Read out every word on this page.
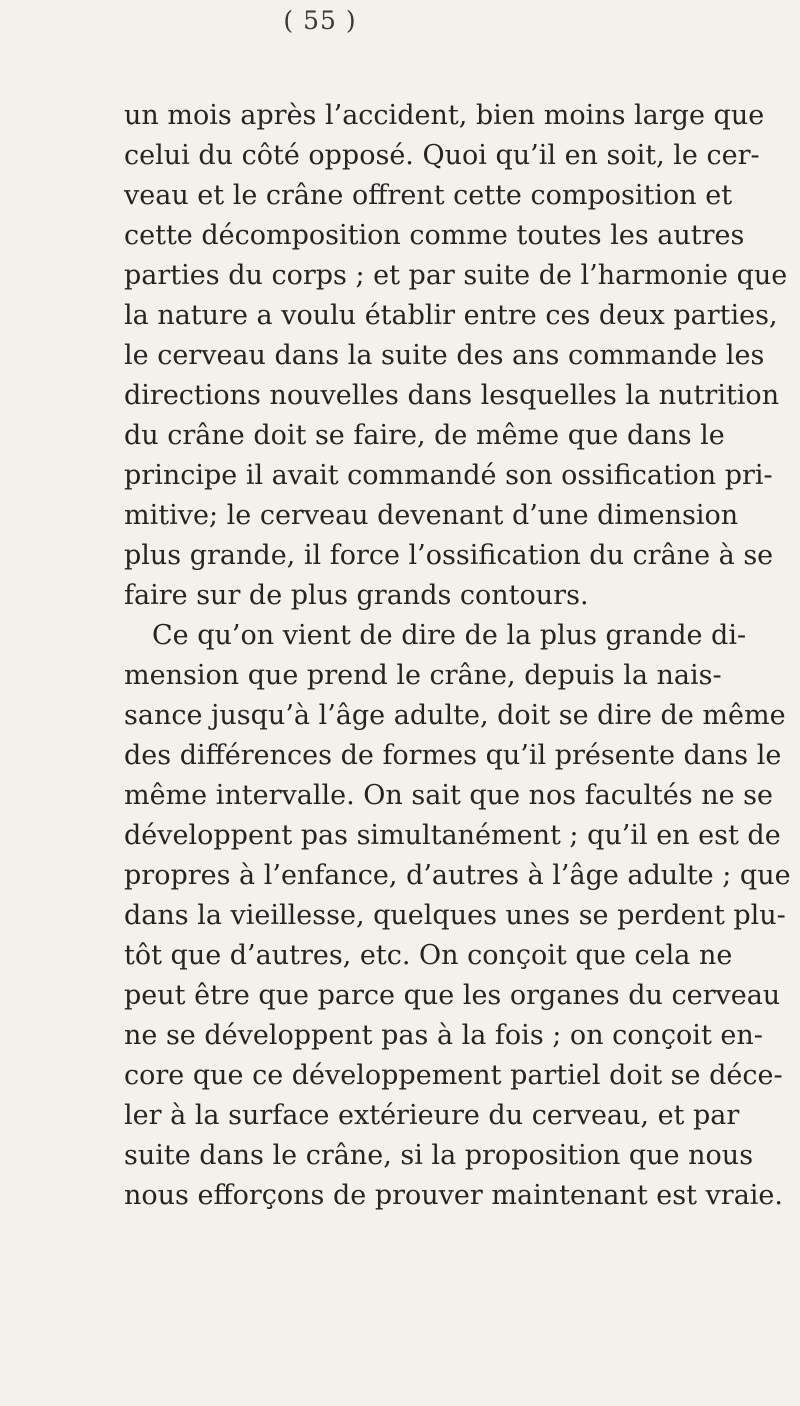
( 55 )
un mois après l’accident, bien moins large que
celui du côté opposé. Quoi qu’il en soit, le cer-
veau et le crâne offrent cette composition et
cette décomposition comme toutes les autres
parties du corps ; et par suite de l’harmonie que
la nature a voulu établir entre ces deux parties,
le cerveau dans la suite des ans commande les
directions nouvelles dans lesquelles la nutrition
du crâne doit se faire, de même que dans le
principe il avait commandé son ossification pri-
mitive; le cerveau devenant d’une dimension
plus grande, il force l’ossification du crâne à se
faire sur de plus grands contours.
Ce qu’on vient de dire de la plus grande di-
mension que prend le crâne, depuis la nais-
sance jusqu’à l’âge adulte, doit se dire de même
des différences de formes qu’il présente dans le
même intervalle. On sait que nos facultés ne se
développent pas simultanément ; qu’il en est de
propres à l’enfance, d’autres à l’âge adulte ; que
dans la vieillesse, quelques unes se perdent plu-
tôt que d’autres, etc. On conçoit que cela ne
peut être que parce que les organes du cerveau
ne se développent pas à la fois ; on conçoit en-
core que ce développement partiel doit se déce-
ler à la surface extérieure du cerveau, et par
suite dans le crâne, si la proposition que nous
nous efforçons de prouver maintenant est vraie.
